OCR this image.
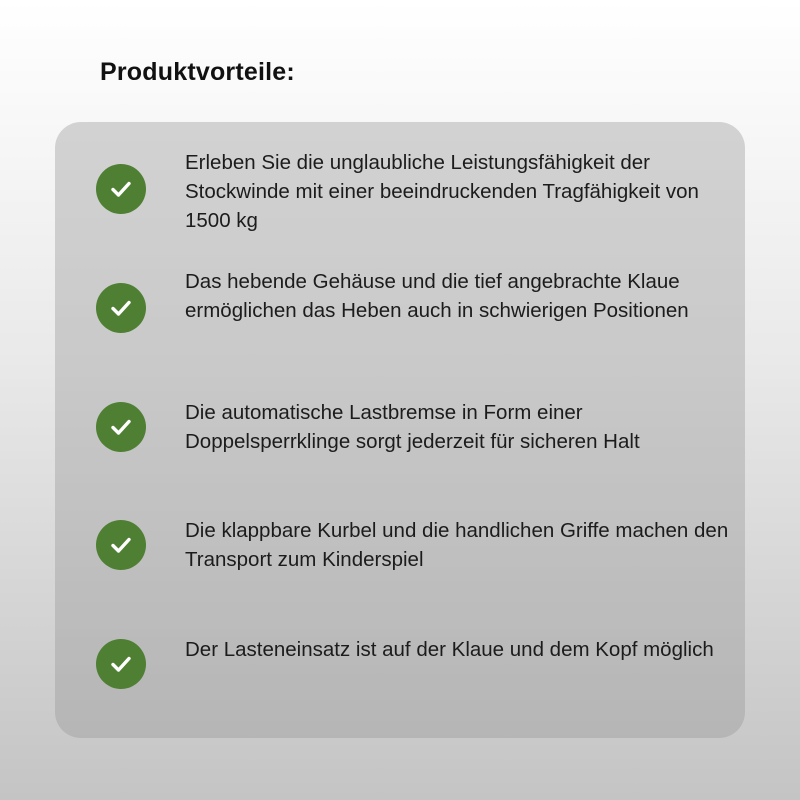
Produktvorteile:

Erleben Sie die unglaubliche Leistungsfähigkeit der Stockwinde mit einer beeindruckenden Tragfähigkeit von 1500 kg

Das hebende Gehäuse und die tief angebrachte Klaue ermöglichen das Heben auch in schwierigen Positionen

Die automatische Lastbremse in Form einer Doppelsperrklinge sorgt jederzeit für sicheren Halt

Die klappbare Kurbel und die handlichen Griffe machen den Transport zum Kinderspiel

Der Lasteneinsatz ist auf der Klaue und dem Kopf möglich
